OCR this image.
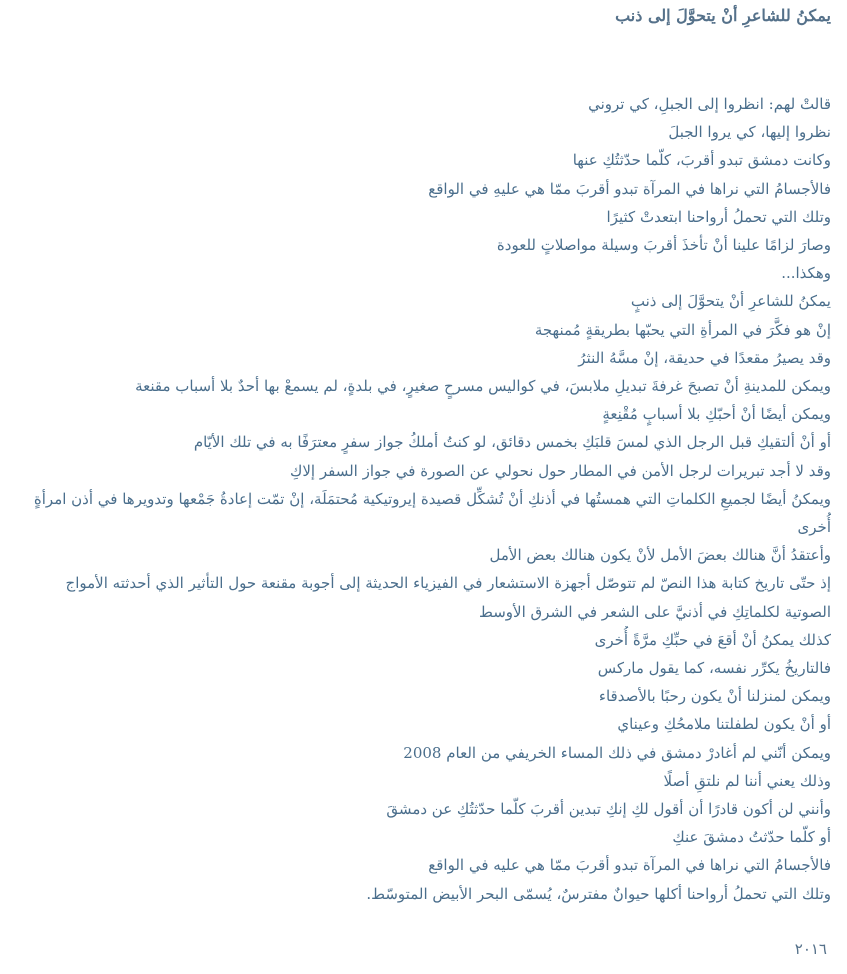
يمكنُ للشاعرِ أنْ يتحوَّلَ إلى ذنب
قالتْ لهم: انظروا إلى الجبلِ، كي تروني
نظروا إليها، كي يروا الجبلَ
وكانت دمشق تبدو أقربَ، كلّما حدّثتُكِ عنها
فالأجسامُ التي نراها في المرآة تبدو أقربَ ممّا هي عليهِ في الواقع
وتلك التي تحملُ أرواحنا ابتعدتْ كثيرًا
وصارَ لزامًا علينا أنْ تأخذَ أقربَ وسيلة مواصلاتٍ للعودة
وهكذا...
يمكنُ للشاعرِ أنْ يتحوَّلَ إلى ذنبٍ
إنْ هو فكَّرَ في المرأةِ التي يحبّها بطريقةٍ مُمنهجة
وقد يصيرُ مقعدًا في حديقة، إنْ مسَّهُ النثرُ
ويمكن للمدينةِ أنْ تصبحَ غرفةَ تبديلِ ملابسَ، في كواليس مسرحٍ صغيرٍ، في بلدةٍ، لم يسمعْ بها أحدٌ بلا أسباب مقنعة
ويمكن أيضًا أنْ أحبّكِ بلا أسبابٍ مُقْنِعةٍ
أو أنْ ألتقيكِ قبل الرجل الذي لمسَ قلبَكِ بخمس دقائق، لو كنتُ أملكُ جواز سفرٍ معترَفًا به في تلك الأيّام
وقد لا أجد تبريرات لرجل الأمن في المطار حول نحولي عن الصورة في جواز السفر إلاكِ
ويمكنُ أيضًا لجميعِ الكلماتِ التي همستُها في أذنكِ أنْ تُشكِّل قصيدة إيروتيكية مُحتمَلَة، إنْ تمّت إعادةُ جَمْعها وتدويرها في أذن امرأةٍ أُخرى
وأعتقدُ أنَّ هنالك بعضَ الأمل لأنْ يكون هنالك بعض الأمل
إذ حتّى تاريخ كتابة هذا النصّ لم تتوصّل أجهزة الاستشعار في الفيزياء الحديثة إلى أجوبة مقنعة حول التأثير الذي أحدثته الأمواج الصوتية لكلماتِكِ في أذنيَّ على الشعر في الشرق الأوسط
كذلك يمكنُ أنْ أقعَ في حبِّكِ مرَّةً أُخرى
فالتاريخُ يكرِّر نفسه، كما يقول ماركس
ويمكن لمنزلنا أنْ يكون رحبًا بالأصدقاء
أو أنْ يكون لطفلتنا ملامحُكِ وعيناي
ويمكن أنّني لم أغادرْ دمشق في ذلك المساء الخريفي من العام 2008
وذلك يعني أننا لم نلتقِ أصلًا
وأنني لن أكون قادرًا أن أقول لكِ إنكِ تبدين أقربَ كلّما حدّثتُكِ عن دمشقَ
أو كلّما حدّثتُ دمشقَ عنكِ
فالأجسامُ التي نراها في المرآة تبدو أقربَ ممّا هي عليه في الواقع
وتلك التي تحملُ أرواحنا أكلها حيوانٌ مفترسٌ، يُسمّى البحر الأبيض المتوسّط.
٢٠١٦
